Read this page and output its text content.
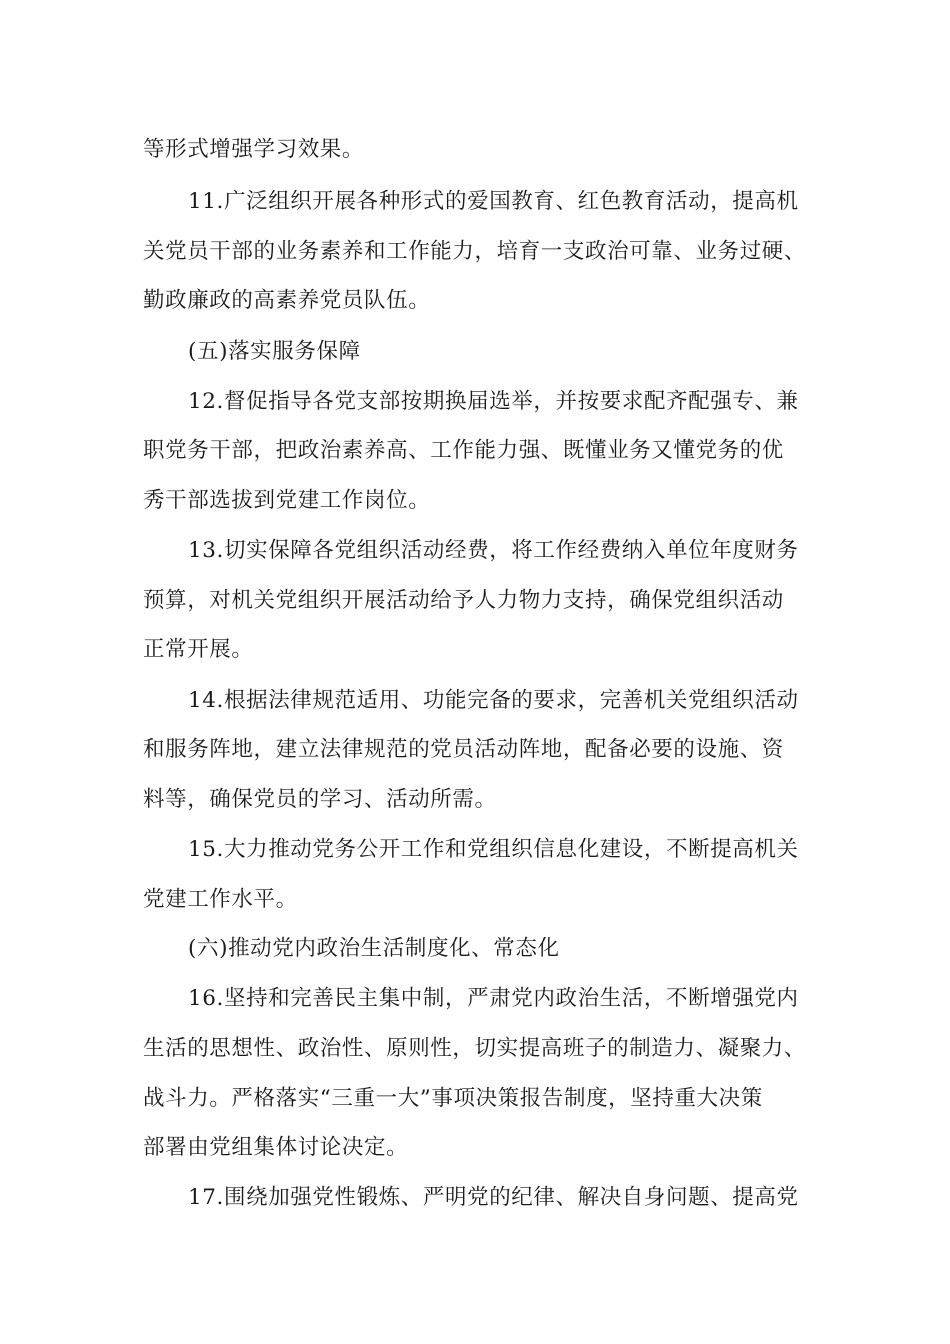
等形式增强学习效果。
11.广泛组织开展各种形式的爱国教育、红色教育活动，提高机
关党员干部的业务素养和工作能力，培育一支政治可靠、业务过硬、
勤政廉政的高素养党员队伍。
(五)落实服务保障
12.督促指导各党支部按期换届选举，并按要求配齐配强专、兼
职党务干部，把政治素养高、工作能力强、既懂业务又懂党务的优
秀干部选拔到党建工作岗位。
13.切实保障各党组织活动经费，将工作经费纳入单位年度财务
预算，对机关党组织开展活动给予人力物力支持，确保党组织活动
正常开展。
14.根据法律规范适用、功能完备的要求，完善机关党组织活动
和服务阵地，建立法律规范的党员活动阵地，配备必要的设施、资
料等，确保党员的学习、活动所需。
15.大力推动党务公开工作和党组织信息化建设，不断提高机关
党建工作水平。
(六)推动党内政治生活制度化、常态化
16.坚持和完善民主集中制，严肃党内政治生活，不断增强党内
生活的思想性、政治性、原则性，切实提高班子的制造力、凝聚力、
战斗力。严格落实“三重一大”事项决策报告制度，坚持重大决策
部署由党组集体讨论决定。
17.围绕加强党性锻炼、严明党的纪律、解决自身问题、提高党
